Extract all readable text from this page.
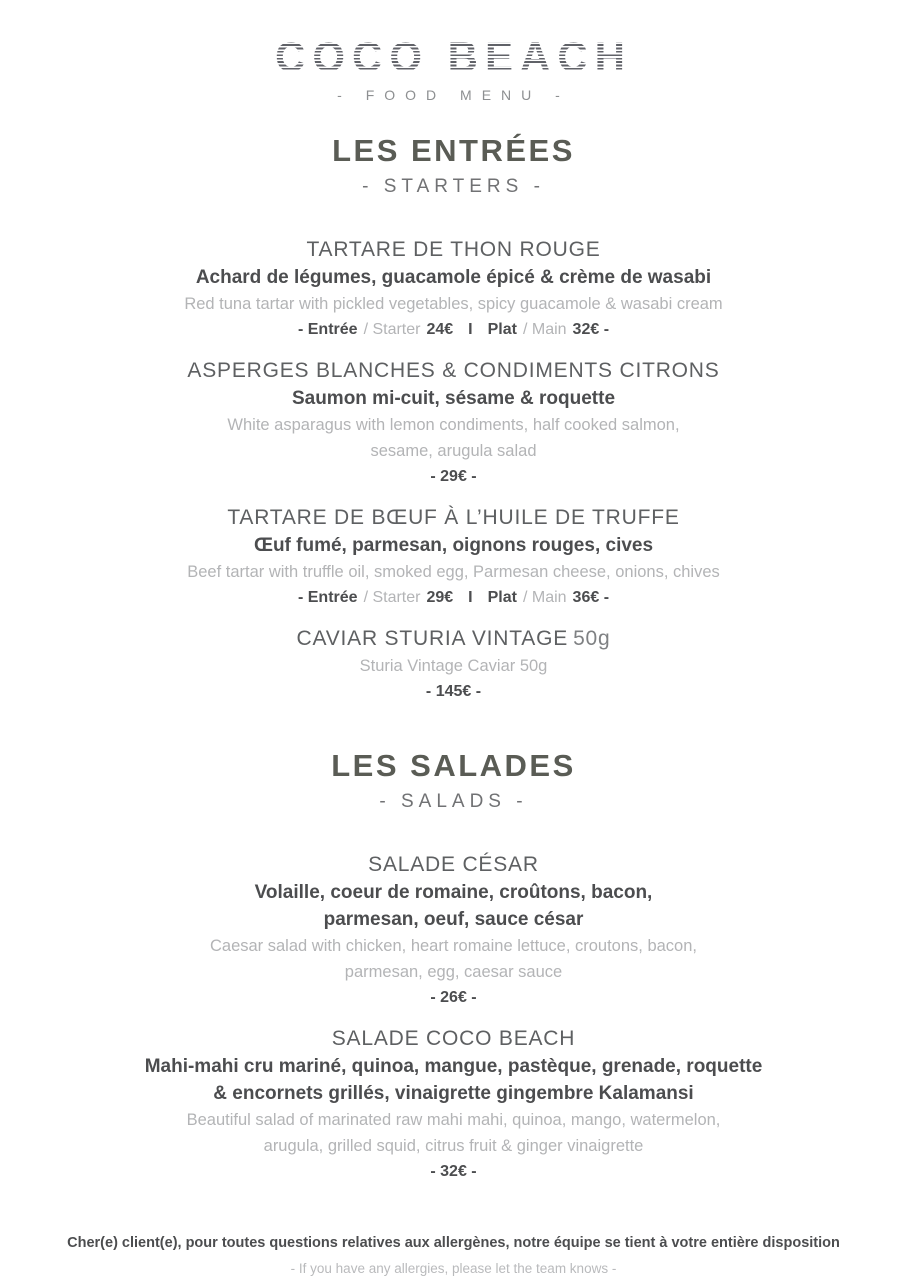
COCO BEACH
- FOOD MENU -
LES ENTRÉES
- STARTERS -
TARTARE DE THON ROUGE
Achard de légumes, guacamole épicé & crème de wasabi
Red tuna tartar with pickled vegetables, spicy guacamole & wasabi cream
- Entrée / Starter 24€ I Plat / Main 32€ -
ASPERGES BLANCHES & CONDIMENTS CITRONS
Saumon mi-cuit, sésame & roquette
White asparagus with lemon condiments, half cooked salmon,
sesame, arugula salad
- 29€ -
TARTARE DE BŒUF À L’HUILE DE TRUFFE
Œuf fumé, parmesan, oignons rouges, cives
Beef tartar with truffle oil, smoked egg, Parmesan cheese, onions, chives
- Entrée / Starter 29€ I Plat / Main 36€ -
CAVIAR STURIA VINTAGE 50g
Sturia Vintage Caviar 50g
- 145€ -
LES SALADES
- SALADS -
SALADE CÉSAR
Volaille, coeur de romaine, croûtons, bacon,
parmesan, oeuf, sauce césar
Caesar salad with chicken, heart romaine lettuce, croutons, bacon,
parmesan, egg, caesar sauce
- 26€ -
SALADE COCO BEACH
Mahi-mahi cru mariné, quinoa, mangue, pastèque, grenade, roquette
& encornets grillés, vinaigrette gingembre Kalamansi
Beautiful salad of marinated raw mahi mahi, quinoa, mango, watermelon,
arugula, grilled squid, citrus fruit & ginger vinaigrette
- 32€ -
Cher(e) client(e), pour toutes questions relatives aux allergènes, notre équipe se tient à votre entière disposition
- If you have any allergies, please let the team knows -
